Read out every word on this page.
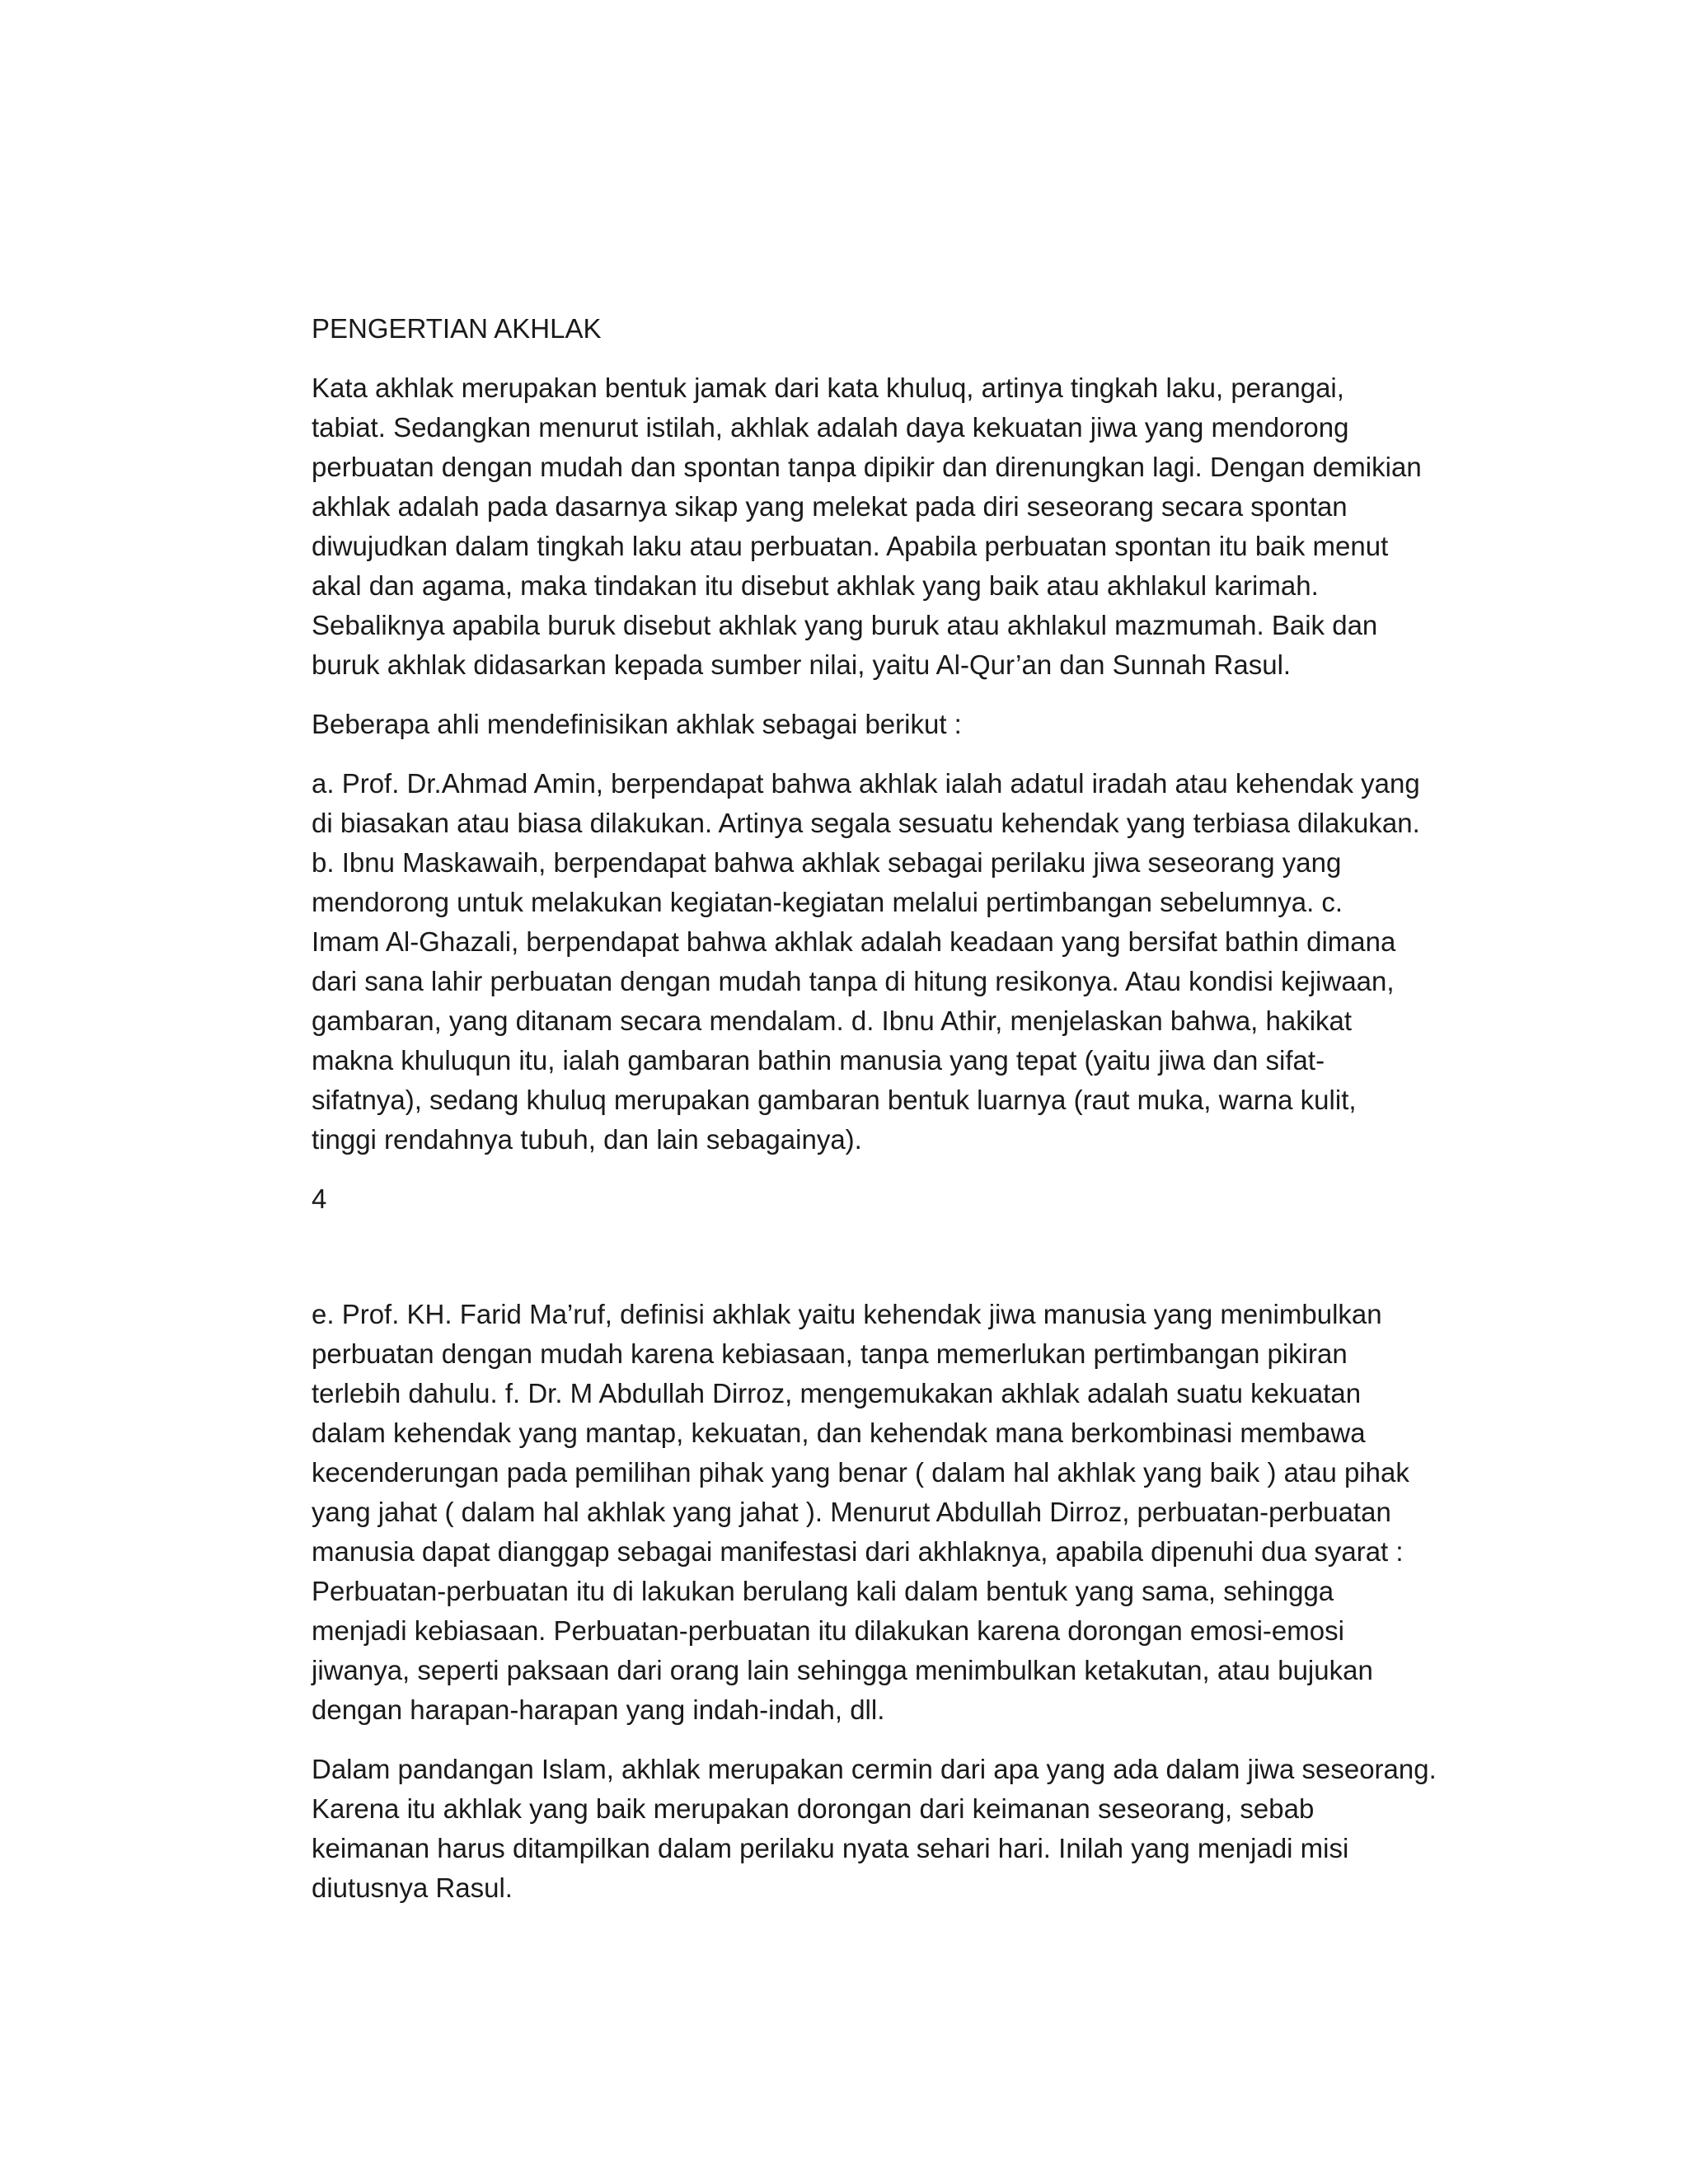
PENGERTIAN AKHLAK

Kata akhlak merupakan bentuk jamak dari kata khuluq, artinya tingkah laku, perangai,
tabiat. Sedangkan menurut istilah, akhlak adalah daya kekuatan jiwa yang mendorong
perbuatan dengan mudah dan spontan tanpa dipikir dan direnungkan lagi. Dengan demikian
akhlak adalah pada dasarnya sikap yang melekat pada diri seseorang secara spontan
diwujudkan dalam tingkah laku atau perbuatan. Apabila perbuatan spontan itu baik menut
akal dan agama, maka tindakan itu disebut akhlak yang baik atau akhlakul karimah.
Sebaliknya apabila buruk disebut akhlak yang buruk atau akhlakul mazmumah. Baik dan
buruk akhlak didasarkan kepada sumber nilai, yaitu Al-Qur’an dan Sunnah Rasul.

Beberapa ahli mendefinisikan akhlak sebagai berikut :

a. Prof. Dr.Ahmad Amin, berpendapat bahwa akhlak ialah adatul iradah atau kehendak yang
di biasakan atau biasa dilakukan. Artinya segala sesuatu kehendak yang terbiasa dilakukan.
b. Ibnu Maskawaih, berpendapat bahwa akhlak sebagai perilaku jiwa seseorang yang
mendorong untuk melakukan kegiatan-kegiatan melalui pertimbangan sebelumnya. c.
Imam Al-Ghazali, berpendapat bahwa akhlak adalah keadaan yang bersifat bathin dimana
dari sana lahir perbuatan dengan mudah tanpa di hitung resikonya. Atau kondisi kejiwaan,
gambaran, yang ditanam secara mendalam. d. Ibnu Athir, menjelaskan bahwa, hakikat
makna khuluqun itu, ialah gambaran bathin manusia yang tepat (yaitu jiwa dan sifat-
sifatnya), sedang khuluq merupakan gambaran bentuk luarnya (raut muka, warna kulit,
tinggi rendahnya tubuh, dan lain sebagainya).

4

e. Prof. KH. Farid Ma’ruf, definisi akhlak yaitu kehendak jiwa manusia yang menimbulkan
perbuatan dengan mudah karena kebiasaan, tanpa memerlukan pertimbangan pikiran
terlebih dahulu. f. Dr. M Abdullah Dirroz, mengemukakan akhlak adalah suatu kekuatan
dalam kehendak yang mantap, kekuatan, dan kehendak mana berkombinasi membawa
kecenderungan pada pemilihan pihak yang benar ( dalam hal akhlak yang baik ) atau pihak
yang jahat ( dalam hal akhlak yang jahat ). Menurut Abdullah Dirroz, perbuatan-perbuatan
manusia dapat dianggap sebagai manifestasi dari akhlaknya, apabila dipenuhi dua syarat :
Perbuatan-perbuatan itu di lakukan berulang kali dalam bentuk yang sama, sehingga
menjadi kebiasaan. Perbuatan-perbuatan itu dilakukan karena dorongan emosi-emosi
jiwanya, seperti paksaan dari orang lain sehingga menimbulkan ketakutan, atau bujukan
dengan harapan-harapan yang indah-indah, dll.

Dalam pandangan Islam, akhlak merupakan cermin dari apa yang ada dalam jiwa seseorang.
Karena itu akhlak yang baik merupakan dorongan dari keimanan seseorang, sebab
keimanan harus ditampilkan dalam perilaku nyata sehari hari. Inilah yang menjadi misi
diutusnya Rasul.
